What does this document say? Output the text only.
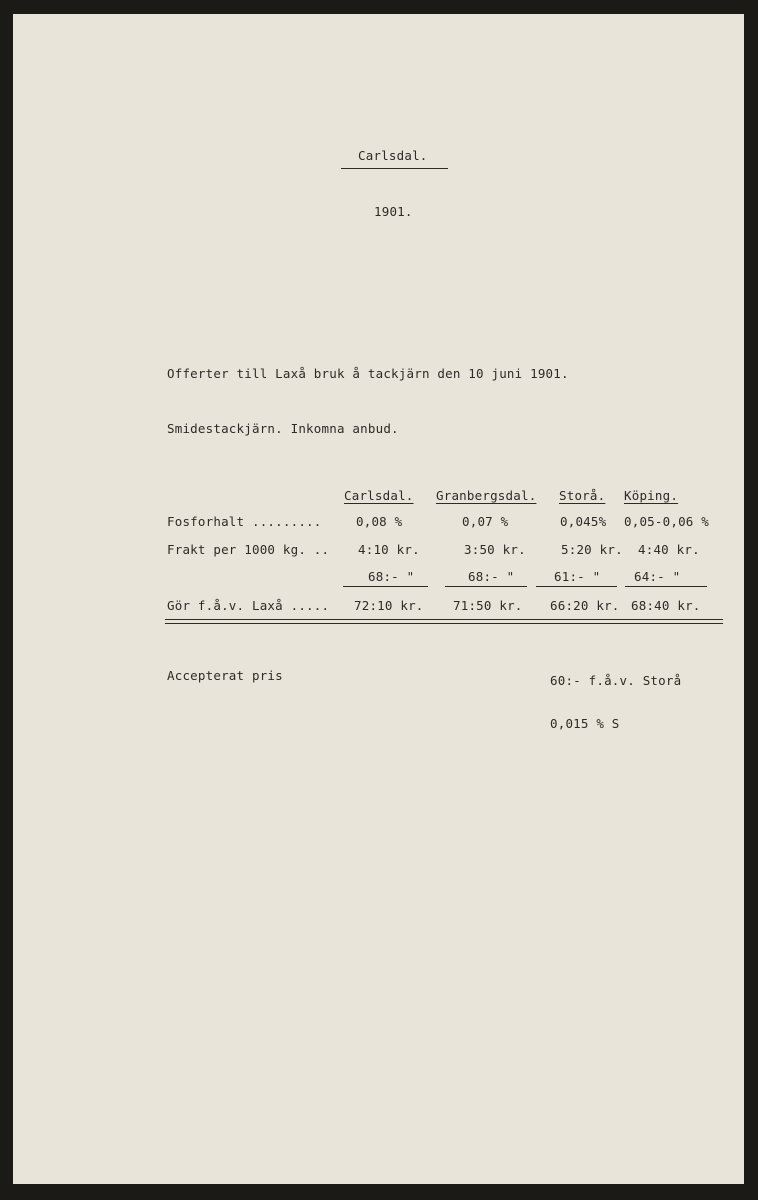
Carlsdal.
1901.
Offerter till Laxå bruk å tackjärn den 10 juni 1901.
Smidestackjärn. Inkomna anbud.
Carlsdal. Granbergsdal. Storå. Köping.
Fosforhalt .........	0,08 %	0,07 %	0,045% 0,05-0,06 %
Frakt per 1000 kg. .. 4:10 kr.	3:50 kr.	5:20 kr. 4:40 kr.
68:- "	68:- "	61:- "	64:- "
Gör f.å.v. Laxå ..... 72:10 kr. 71:50 kr. 66:20 kr. 68:40 kr.
Accepterat pris	60:- f.å.v. Storå
0,015 % S
